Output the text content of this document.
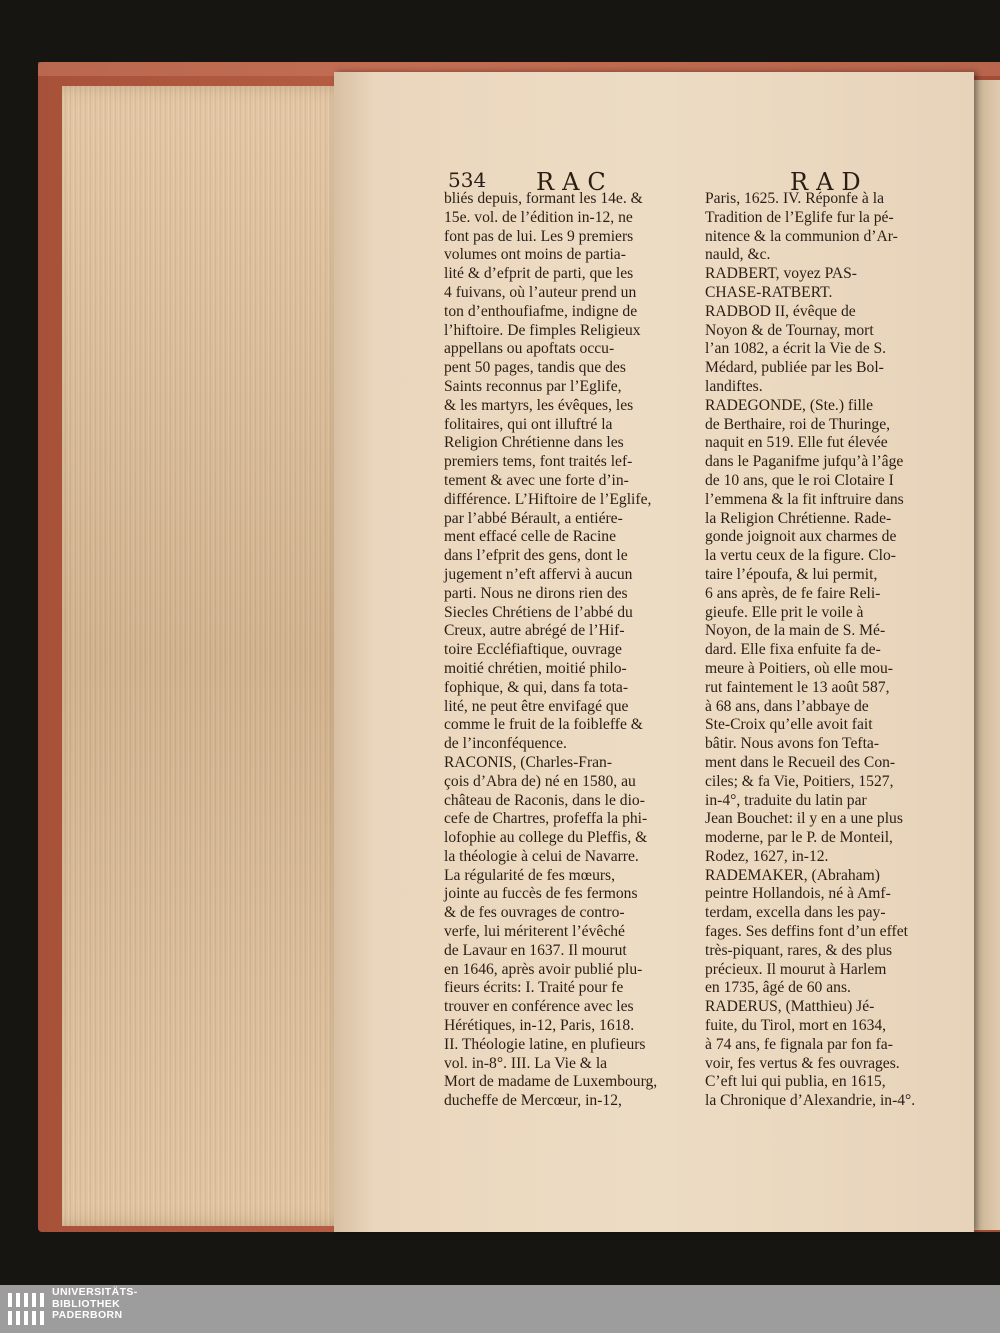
534 RAC	RAD
bliés depuis, formant les 14e. &
15e. vol. de l’édition in-12, ne
font pas de lui. Les 9 premiers
volumes ont moins de partia-
lité & d’efprit de parti, que les
4 fuivans, où l’auteur prend un
ton d’enthoufiafme, indigne de
l’hiftoire. De fimples Religieux
appellans ou apoftats occu-
pent 50 pages, tandis que des
Saints reconnus par l’Eglife,
& les martyrs, les évêques, les
folitaires, qui ont illuftré la
Religion Chrétienne dans les
premiers tems, font traités lef-
tement & avec une forte d’in-
différence. L’Hiftoire de l’Eglife,
par l’abbé Bérault, a entiére-
ment effacé celle de Racine
dans l’efprit des gens, dont le
jugement n’eft affervi à aucun
parti. Nous ne dirons rien des
Siecles Chrétiens de l’abbé du
Creux, autre abrégé de l’Hif-
toire Eccléfiaftique, ouvrage
moitié chrétien, moitié philo-
fophique, & qui, dans fa tota-
lité, ne peut être envifagé que
comme le fruit de la foibleffe &
de l’inconféquence.
RACONIS, (Charles-Fran-
çois d’Abra de) né en 1580, au
château de Raconis, dans le dio-
cefe de Chartres, profeffa la phi-
lofophie au college du Pleffis, &
la théologie à celui de Navarre.
La régularité de fes mœurs,
jointe au fuccès de fes fermons
& de fes ouvrages de contro-
verfe, lui mériterent l’évêché
de Lavaur en 1637. Il mourut
en 1646, après avoir publié plu-
fieurs écrits: I. Traité pour fe
trouver en conférence avec les
Hérétiques, in-12, Paris, 1618.
II. Théologie latine, en plufieurs
vol. in-8°. III. La Vie & la
Mort de madame de Luxembourg,
ducheffe de Mercœur, in-12,
Paris, 1625. IV. Réponfe à la
Tradition de l’Eglife fur la pé-
nitence & la communion d’Ar-
nauld, &c.
RADBERT, voyez PAS-
CHASE-RATBERT.
RADBOD II, évêque de
Noyon & de Tournay, mort
l’an 1082, a écrit la Vie de S.
Médard, publiée par les Bol-
landiftes.
RADEGONDE, (Ste.) fille
de Berthaire, roi de Thuringe,
naquit en 519. Elle fut élevée
dans le Paganifme jufqu’à l’âge
de 10 ans, que le roi Clotaire I
l’emmena & la fit inftruire dans
la Religion Chrétienne. Rade-
gonde joignoit aux charmes de
la vertu ceux de la figure. Clo-
taire l’époufa, & lui permit,
6 ans après, de fe faire Reli-
gieufe. Elle prit le voile à
Noyon, de la main de S. Mé-
dard. Elle fixa enfuite fa de-
meure à Poitiers, où elle mou-
rut faintement le 13 août 587,
à 68 ans, dans l’abbaye de
Ste-Croix qu’elle avoit fait
bâtir. Nous avons fon Tefta-
ment dans le Recueil des Con-
ciles; & fa Vie, Poitiers, 1527,
in-4°, traduite du latin par
Jean Bouchet: il y en a une plus
moderne, par le P. de Monteil,
Rodez, 1627, in-12.
RADEMAKER, (Abraham)
peintre Hollandois, né à Amf-
terdam, excella dans les pay-
fages. Ses deffins font d’un effet
très-piquant, rares, & des plus
précieux. Il mourut à Harlem
en 1735, âgé de 60 ans.
RADERUS, (Matthieu) Jé-
fuite, du Tirol, mort en 1634,
à 74 ans, fe fignala par fon fa-
voir, fes vertus & fes ouvrages.
C’eft lui qui publia, en 1615,
la Chronique d’Alexandrie, in-4°.
UNIVERSITÄTS-
BIBLIOTHEK
PADERBORN
